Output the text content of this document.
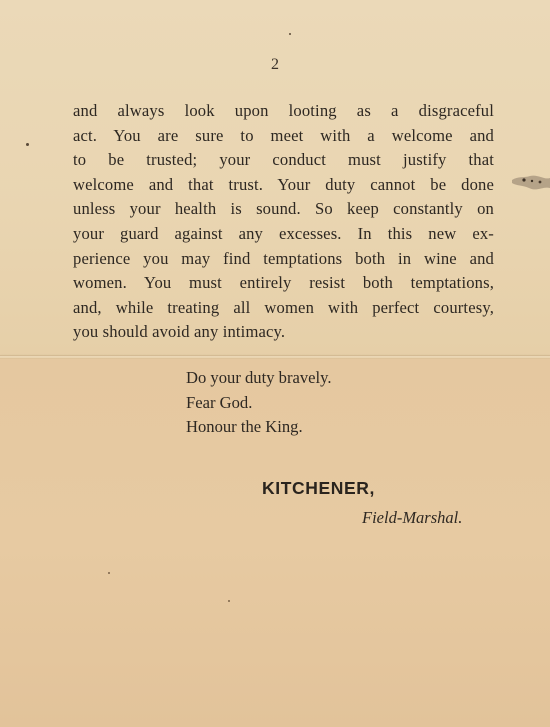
2
and always look upon looting as a disgraceful
act. You are sure to meet with a welcome and
to be trusted; your conduct must justify that
welcome and that trust. Your duty cannot be done
unless your health is sound. So keep constantly on
your guard against any excesses. In this new ex-
perience you may find temptations both in wine and
women. You must entirely resist both temptations,
and, while treating all women with perfect courtesy,
you should avoid any intimacy.
Do your duty bravely.
Fear God.
Honour the King.
KITCHENER,
Field-Marshal.
